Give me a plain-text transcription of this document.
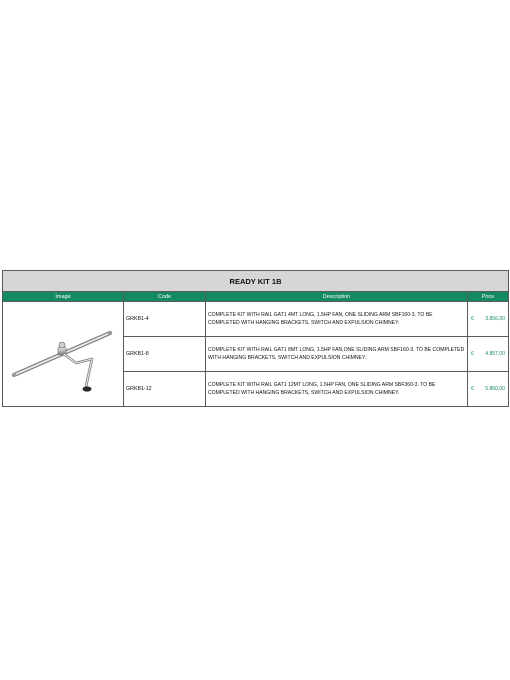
READY KIT 1B			
Image	Code	Description	Price
	GRKB1-4	COMPLETE KIT WITH RAIL GAT1 4MT LONG, 1.5HP FAN, ONE SLIDING ARM SBF160-3. TO BE COMPLETED WITH HANGING BRACKETS, SWITCH AND EXPULSION CHIMNEY.	€ 3.856,00

	GRKB1-8	COMPLETE KIT WITH RAIL GAT1 8MT LONG, 1.5HP FAN,ONE SLIDING ARM SBF160-3. TO BE COMPLETED WITH HANGING BRACKETS, SWITCH AND EXPULSION CHIMNEY.	€ 4.857,00

	GRKB1-12	COMPLETE KIT WITH RAIL GAT1 12MT LONG, 1.5HP FAN, ONE SLIDING ARM SBF360-3. TO BE COMPLETED WITH HANGING BRACKETS, SWITCH AND EXPULSION CHIMNEY.	€ 5.860,00
